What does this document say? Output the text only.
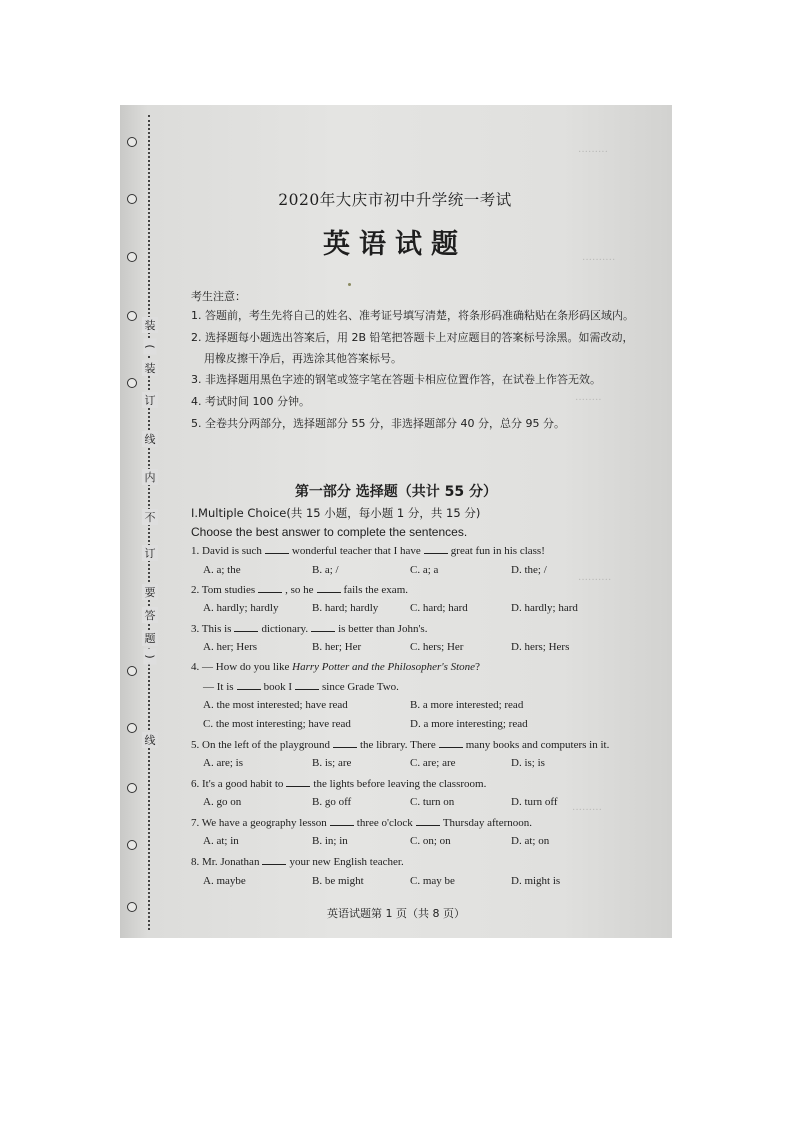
装
(
装
订
线
内
不
订
要
答
题
)
线
·········
··········
········
··········
·········
2020年大庆市初中升学统一考试
英语试题
考生注意：
1. 答题前，考生先将自己的姓名、准考证号填写清楚，将条形码准确粘贴在条形码区域内。
2. 选择题每小题选出答案后，用 2B 铅笔把答题卡上对应题目的答案标号涂黑。如需改动，
用橡皮擦干净后，再选涂其他答案标号。
3. 非选择题用黑色字迹的钢笔或签字笔在答题卡相应位置作答，在试卷上作答无效。
4. 考试时间 100 分钟。
5. 全卷共分两部分，选择题部分 55 分，非选择题部分 40 分，总分 95 分。
第一部分 选择题（共计 55 分）
Ⅰ.Multiple Choice(共 15 小题，每小题 1 分，共 15 分)
Choose the best answer to complete the sentences.
1. David is such	wonderful teacher that I have	great fun in his class!
A. a; the	B. a; /	C. a; a	D. the; /
2. Tom studies	, so he	fails the exam.
A. hardly; hardly	B. hard; hardly	C. hard; hard	D. hardly; hard
3. This is	dictionary.	is better than John's.
A. her; Hers	B. her; Her	C. hers; Her	D. hers; Hers
4. — How do you like Harry Potter and the Philosopher's Stone?
— It is	book I	since Grade Two.
A. the most interested; have read	B. a more interested; read
C. the most interesting; have read	D. a more interesting; read
5. On the left of the playground	the library. There	many books and computers in it.
A. are; is	B. is; are	C. are; are	D. is; is
6. It's a good habit to	the lights before leaving the classroom.
A. go on	B. go off	C. turn on	D. turn off
7. We have a geography lesson	three o'clock	Thursday afternoon.
A. at; in	B. in; in	C. on; on	D. at; on
8. Mr. Jonathan	your new English teacher.
A. maybe	B. be might	C. may be	D. might is
英语试题第 1 页（共 8 页）
